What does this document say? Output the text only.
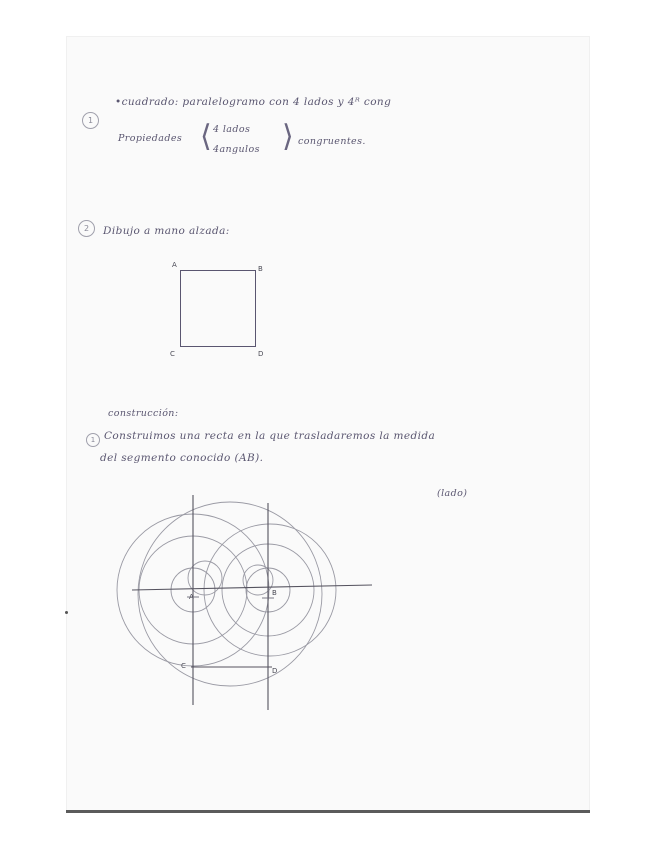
1
•cuadrado: paralelogramo con 4 lados y 4ᴿ cong
Propiedades ⟨ 4 lados
4angulos ⟩ congruentes.
2	Dibujo a mano alzada:
A	B
C	D
construcción:
1 Construimos una recta en la que trasladaremos la medida
del segmento conocido (AB).
(lado)
A	B
C
D
